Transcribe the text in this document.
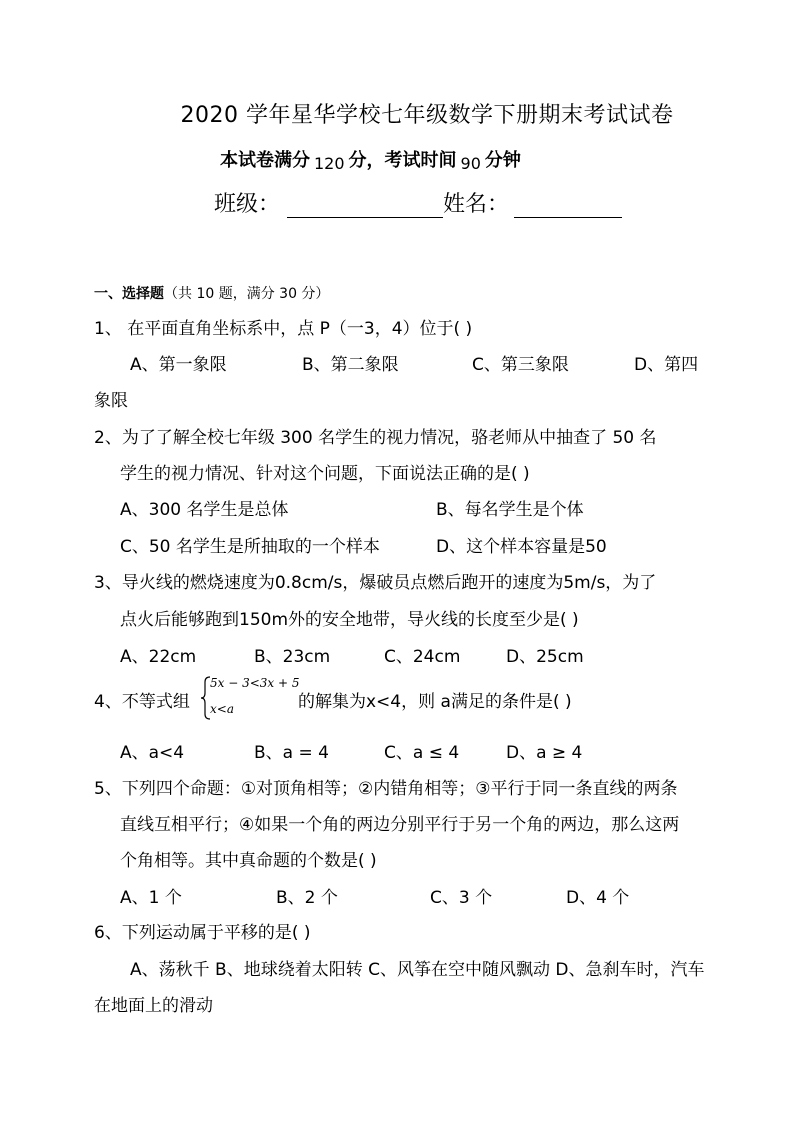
2020 学年星华学校七年级数学下册期末考试试卷
本试卷满分 120 分，考试时间 90 分钟
班级：	姓名：
一、选择题（共 10 题，满分 30 分）
1、 在平面直角坐标系中，点 P（一3，4）位于( )
A、第一象限	B、第二象限	C、第三象限	D、第四
象限
2、为了了解全校七年级 300 名学生的视力情况，骆老师从中抽查了 50 名
学生的视力情况、针对这个问题，下面说法正确的是( )
A、300 名学生是总体	B、每名学生是个体
C、50 名学生是所抽取的一个样本	D、这个样本容量是50
3、导火线的燃烧速度为0.8cm/s，爆破员点燃后跑开的速度为5m/s，为了
点火后能够跑到150m外的安全地带，导火线的长度至少是( )
A、22cm	B、23cm	C、24cm	D、25cm
4、不等式组
5x − 3<3x + 5
x<a	的解集为x<4，则 a满足的条件是( )
A、a<4	B、a = 4	C、a ≤ 4	D、a ≥ 4
5、下列四个命题：①对顶角相等；②内错角相等；③平行于同一条直线的两条
直线互相平行；④如果一个角的两边分别平行于另一个角的两边，那么这两
个角相等。其中真命题的个数是( )
A、1 个	B、2 个	C、3 个	D、4 个
6、下列运动属于平移的是( )
A、荡秋千 B、地球绕着太阳转 C、风筝在空中随风飘动 D、急刹车时，汽车
在地面上的滑动
